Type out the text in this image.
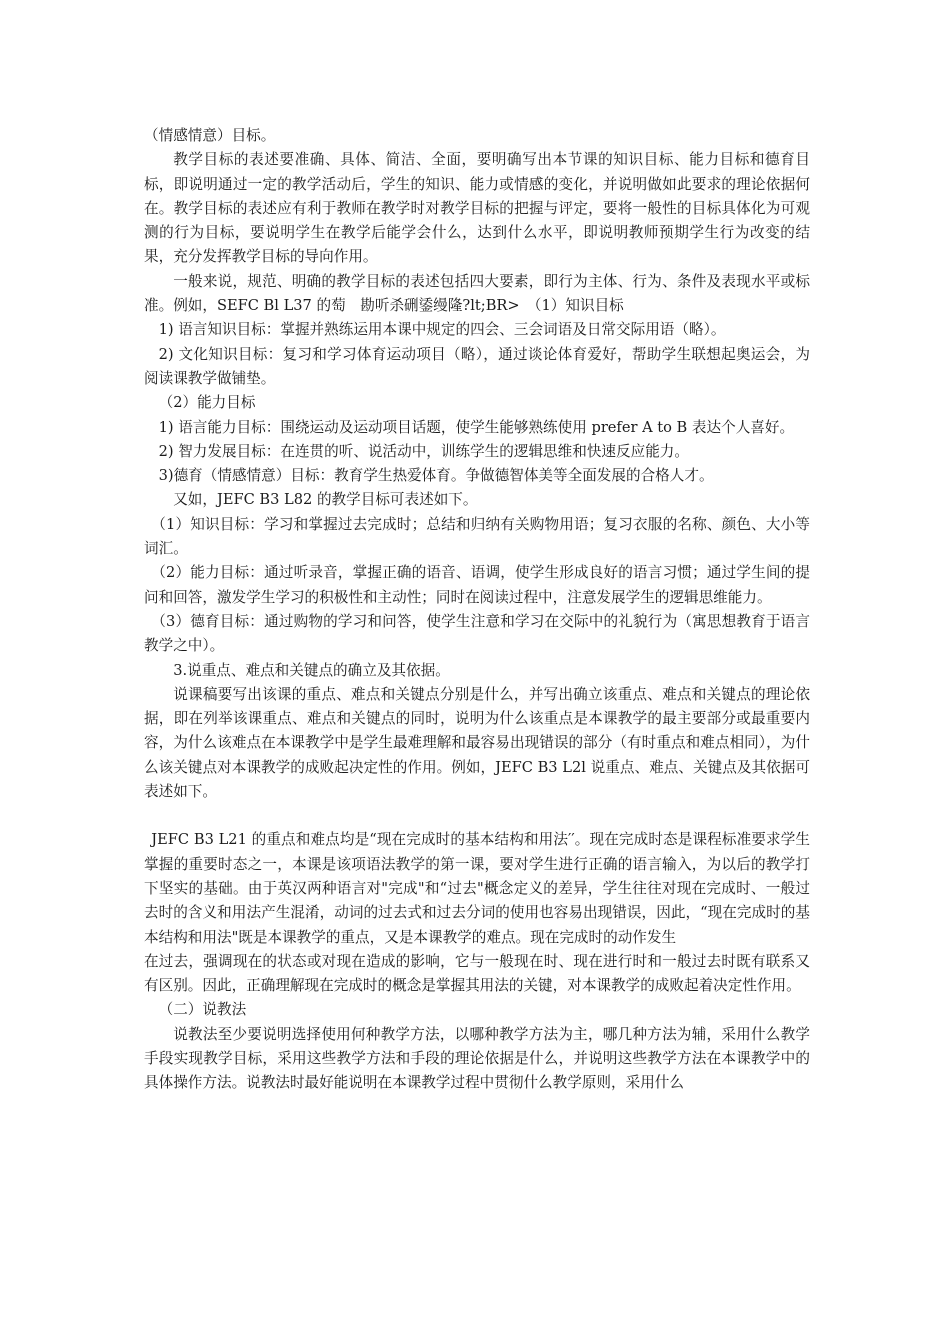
（情感情意）目标。

教学目标的表述要准确、具体、简洁、全面，要明确写出本节课的知识目标、能力目标和德育目标，即说明通过一定的教学活动后，学生的知识、能力或情感的变化，并说明做如此要求的理论依据何在。教学目标的表述应有利于教师在教学时对教学目标的把握与评定，要将一般性的目标具体化为可观测的行为目标，要说明学生在教学后能学会什么，达到什么水平，即说明教师预期学生行为改变的结果，充分发挥教学目标的导向作用。

一般来说，规范、明确的教学目标的表述包括四大要素，即行为主体、行为、条件及表现水平或标准。例如，SEFC Bl L37 的萄　勘听杀硎鋈缦隆?lt;BR>　（1）知识目标

1) 语言知识目标：掌握并熟练运用本课中规定的四会、三会词语及日常交际用语（略）。

2) 文化知识目标：复习和学习体育运动项目（略），通过谈论体育爱好，帮助学生联想起奥运会，为阅读课教学做铺垫。

（2）能力目标

1) 语言能力目标：围绕运动及运动项目话题，使学生能够熟练使用 prefer A to B 表达个人喜好。

2) 智力发展目标：在连贯的听、说活动中，训练学生的逻辑思维和快速反应能力。

3)德育（情感情意）目标：教育学生热爱体育。争做德智体美等全面发展的合格人才。

又如，JEFC B3 L82 的教学目标可表述如下。

（1）知识目标：学习和掌握过去完成时；总结和归纳有关购物用语；复习衣服的名称、颜色、大小等词汇。

（2）能力目标：通过听录音，掌握正确的语音、语调，使学生形成良好的语言习惯；通过学生间的提问和回答，激发学生学习的积极性和主动性；同时在阅读过程中，注意发展学生的逻辑思维能力。

（3）德育目标：通过购物的学习和问答，使学生注意和学习在交际中的礼貌行为（寓思想教育于语言教学之中）。

3.说重点、难点和关键点的确立及其依据。

说课稿要写出该课的重点、难点和关键点分别是什么，并写出确立该重点、难点和关键点的理论依据，即在列举该课重点、难点和关键点的同时，说明为什么该重点是本课教学的最主要部分或最重要内容，为什么该难点在本课教学中是学生最难理解和最容易出现错误的部分（有时重点和难点相同），为什么该关键点对本课教学的成败起决定性的作用。例如，JEFC B3 L2l 说重点、难点、关键点及其依据可表述如下。

JEFC B3 L21 的重点和难点均是“现在完成时的基本结构和用法′′。现在完成时态是课程标准要求学生掌握的重要时态之一，本课是该项语法教学的第一课，要对学生进行正确的语言输入，为以后的教学打下坚实的基础。由于英汉两种语言对"完成"和“过去"概念定义的差异，学生往往对现在完成时、一般过去时的含义和用法产生混淆，动词的过去式和过去分词的使用也容易出现错误，因此，“现在完成时的基本结构和用法"既是本课教学的重点，又是本课教学的难点。现在完成时的动作发生

在过去，强调现在的状态或对现在造成的影响，它与一般现在时、现在进行时和一般过去时既有联系又有区别。因此，正确理解现在完成时的概念是掌握其用法的关键，对本课教学的成败起着决定性作用。

（二）说教法

说教法至少要说明选择使用何种教学方法，以哪种教学方法为主，哪几种方法为辅，采用什么教学手段实现教学目标，采用这些教学方法和手段的理论依据是什么，并说明这些教学方法在本课教学中的具体操作方法。说教法时最好能说明在本课教学过程中贯彻什么教学原则，采用什么
